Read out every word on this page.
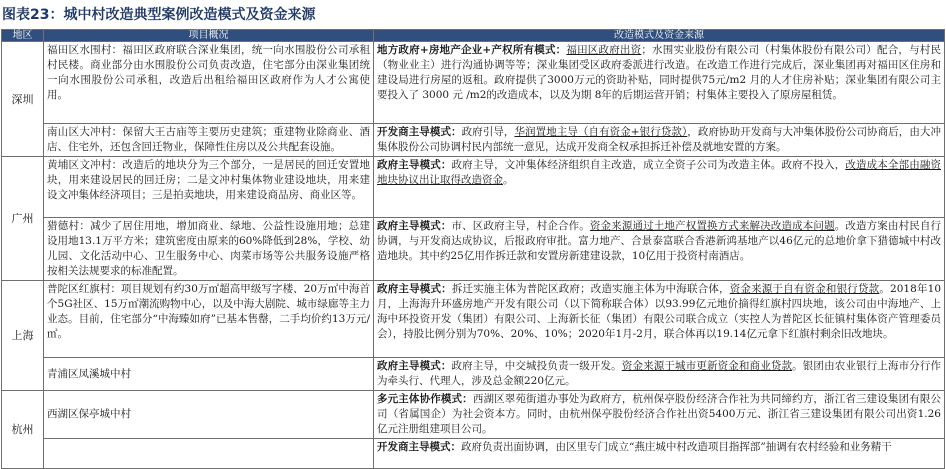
图表23：城中村改造典型案例改造模式及资金来源
地区	项目概况	改造模式及资金来源
深圳	福田区水围村：福田区政府联合深业集团，统一向水围股份公司承租村民楼。商业部分由水围股份公司负责改造，住宅部分由深业集团统一向水围股份公司承租，改造后出租给福田区政府作为人才公寓使用。	地方政府+房地产企业+产权所有模式：福田区政府出资；水围实业股份有限公司（村集体股份有限公司）配合，与村民（物业业主）进行沟通协调等等；深业集团受区政府委派进行改造。在改造工作进行完成后，深业集团再对福田区住房和建设局进行房屋的返租。政府提供了3000万元的资助补贴，同时提供75元/m2 月的人才住房补贴；深业集团有限公司主要投入了 3000 元 /m2的改造成本，以及为期 8年的后期运营开销；村集体主要投入了原房屋租赁。
	南山区大冲村：保留大王古庙等主要历史建筑；重建物业除商业、酒店、住宅外，还包含回迁物业，保障性住房以及公共配套设施。	开发商主导模式：政府引导，华润置地主导（自有资金+银行贷款），政府协助开发商与大冲集体股份公司协商后，由大冲集体股份公司协调村民内部统一意见，达成开发商全权承担拆迁补偿及就地安置的方案。
广州	黄埔区文冲村：改造后的地块分为三个部分，一是居民的回迁安置地块，用来建设居民的回迁房；二是文冲村集体物业建设地块，用来建设文冲集体经济项目；三是拍卖地块，用来建设商品房、商业区等。	政府主导模式：政府主导，文冲集体经济组织自主改造，成立全资子公司为改造主体。政府不投入，改造成本全部由融资地块协议出让取得改造资金。
	猎德村：减少了居住用地，增加商业、绿地、公益性设施用地；总建设用地13.1万平方米；建筑密度由原来的60%降低到28%，学校、幼儿园、文化活动中心、卫生服务中心、肉菜市场等公共服务设施严格按相关法规要求的标准配置。	政府主导模式：市、区政府主导，村企合作。资金来源通过土地产权置换方式来解决改造成本问题。改造方案由村民自行协调，与开发商达成协议，后报政府审批。富力地产、合景泰富联合香港新鸿基地产以46亿元的总地价拿下猎德城中村改造地块。其中约25亿用作拆迁款和安置房新建建设款，10亿用于投资村南酒店。
上海	普陀区红旗村：项目规划有约30万㎡超高甲级写字楼、20万㎡中海首个5G社区、15万㎡潮流购物中心，以及中海大剧院、城市绿廊等主力业态。目前，住宅部分“中海臻如府”已基本售罄，二手均价约13万元/㎡。	政府主导模式：拆迁实施主体为普陀区政府；改造实施主体为中海联合体，资金来源于自有资金和银行贷款。2018年10月，上海海升环盛房地产开发有限公司（以下简称联合体）以93.99亿元地价摘得红旗村四块地，该公司由中海地产、上海中环投资开发（集团）有限公司、上海新长征（集团）有限公司联合成立（实控人为普陀区长征镇村集体资产管理委员会），持股比例分别为70%、20%、10%；2020年1月-2月，联合体再以19.14亿元拿下红旗村剩余旧改地块。
	青浦区凤溪城中村	政府主导模式：政府主导，中交城投负责一级开发。资金来源于城市更新资金和商业贷款。银团由农业银行上海市分行作为牵头行、代理人，涉及总金额220亿元。
杭州	西湖区保亭城中村	多元主体协作模式：西湖区翠苑街道办事处为政府方，杭州保亭股份经济合作社为共同缔约方，浙江省三建设集团有限公司（省属国企）为社会资本方。同时，由杭州保亭股份经济合作社出资5400万元、浙江省三建设集团有限公司出资1.26亿元注册组建项目公司。
		开发商主导模式：政府负责出面协调，由区里专门成立“燕庄城中村改造项目指挥部”抽调有农村经验和业务精干
